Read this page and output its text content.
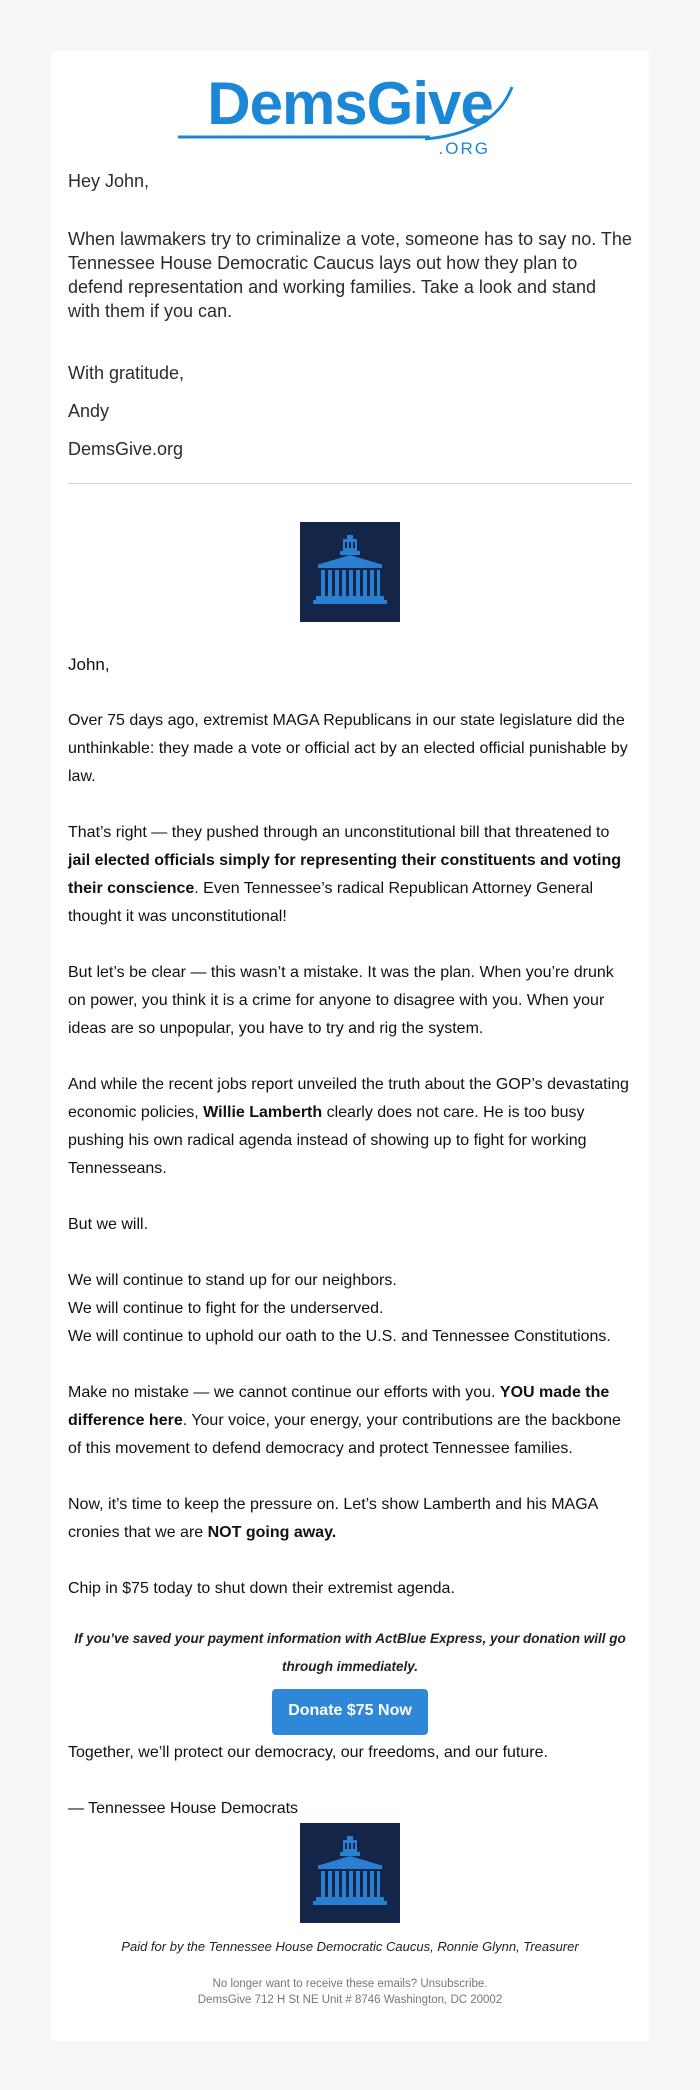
DemsGive
.ORG

Hey John,

When lawmakers try to criminalize a vote, someone has to say no. The Tennessee House Democratic Caucus lays out how they plan to defend representation and working families. Take a look and stand with them if you can.

With gratitude,

Andy

DemsGive.org

John,

Over 75 days ago, extremist MAGA Republicans in our state legislature did the unthinkable: they made a vote or official act by an elected official punishable by law.

That’s right — they pushed through an unconstitutional bill that threatened to jail elected officials simply for representing their constituents and voting their conscience. Even Tennessee’s radical Republican Attorney General thought it was unconstitutional!

But let’s be clear — this wasn’t a mistake. It was the plan. When you’re drunk on power, you think it is a crime for anyone to disagree with you. When your ideas are so unpopular, you have to try and rig the system.

And while the recent jobs report unveiled the truth about the GOP’s devastating economic policies, Willie Lamberth clearly does not care. He is too busy pushing his own radical agenda instead of showing up to fight for working Tennesseans.

But we will.

We will continue to stand up for our neighbors.
We will continue to fight for the underserved.
We will continue to uphold our oath to the U.S. and Tennessee Constitutions.

Make no mistake — we cannot continue our efforts with you. YOU made the difference here. Your voice, your energy, your contributions are the backbone of this movement to defend democracy and protect Tennessee families.

Now, it’s time to keep the pressure on. Let’s show Lamberth and his MAGA cronies that we are NOT going away.

Chip in $75 today to shut down their extremist agenda.

If you’ve saved your payment information with ActBlue Express, your donation will go through immediately.

Donate $75 Now

Together, we’ll protect our democracy, our freedoms, and our future.

— Tennessee House Democrats

Paid for by the Tennessee House Democratic Caucus, Ronnie Glynn, Treasurer

No longer want to receive these emails? Unsubscribe.
DemsGive 712 H St NE Unit # 8746 Washington, DC 20002
